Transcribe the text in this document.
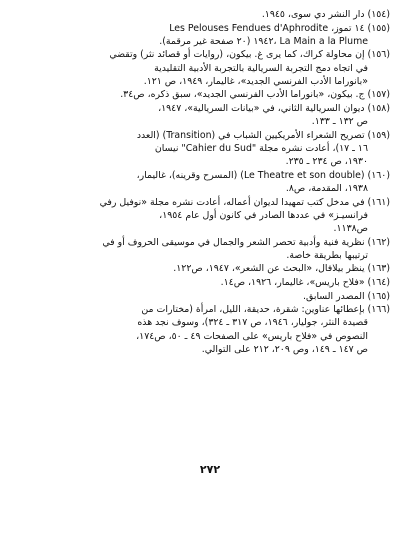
(١٥٤) دار النشر دي سوى، ١٩٤٥.
(١٥٥) ١٤ تموز، Les Pelouses Fendues d'Aphrodite

La Main a la Plume ،١٩٤٢ (٢٠ صفحة غير مرقمة).
(١٥٦) إن محاولة كراك، كما يرى غ. بيكون، (روايات أو قصائد نثر) وتقضي

في اتجاه دمج التجربة السريالية بالتجربة الأدبية التقليدية
«بانوراما الأدب الفرنسي الجديد»، غاليمار، ١٩٤٩، ص ١٢١.
(١٥٧) ج. بيكون، «بانوراما الأدب الفرنسي الجديد»، سبق ذكره، ص٣٤.
(١٥٨) ديوان السريالية الثاني، في «بيانات السريالية»، ١٩٤٧،

ص ١٣٢ ـ ١٣٣.
(١٥٩) تصريح الشعراء الأمريكيين الشباب في (Transition) (العدد

١٦ ـ ١٧)، أعادت نشره مجلة "Cahier du Sud" نيسان
١٩٣٠، ص ٢٣٤ ـ ٢٣٥.
(١٦٠) (Le Theatre et son double) (المسرح وقرينه)، غاليمار،

١٩٣٨، المقدمة، ص٨.
(١٦١) في مدخل كتب تمهيدا لديوان أعماله، أعادت نشره مجلة «نوفيل رفي

فرانسيـز» في عددها الصادر في كانون أول عام ١٩٥٤،
ص١١٣٨.
(١٦٢) نظرية فنية وأدبية تحصر الشعر والجمال في موسيقى الحروف أو في

ترتيبها بطريقة خاصة.
(١٦٣) ينظر بيلافال، «البحث عن الشعر»، ١٩٤٧، ص١٢٢.
(١٦٤) «فلاح باريس»، غاليمار، ١٩٢٦، ص١٤.
(١٦٥) المصدر السابق.
(١٦٦) بإعطائها عناوين: شقرة، حديقة، الليل، امرأة (مختارات من

قصيدة النثر، جوليار، ١٩٤٦، ص ٣١٧ ـ ٣٢٤)، وسوف نجد هذه
النصوص في «فلاح باريس» على الصفحات ٤٩ ـ ٥٠، ص١٧٤،
ص ١٤٧ ـ ١٤٩، وص ٢٠٩، ٢١٢ على التوالي.
٢٧٢
